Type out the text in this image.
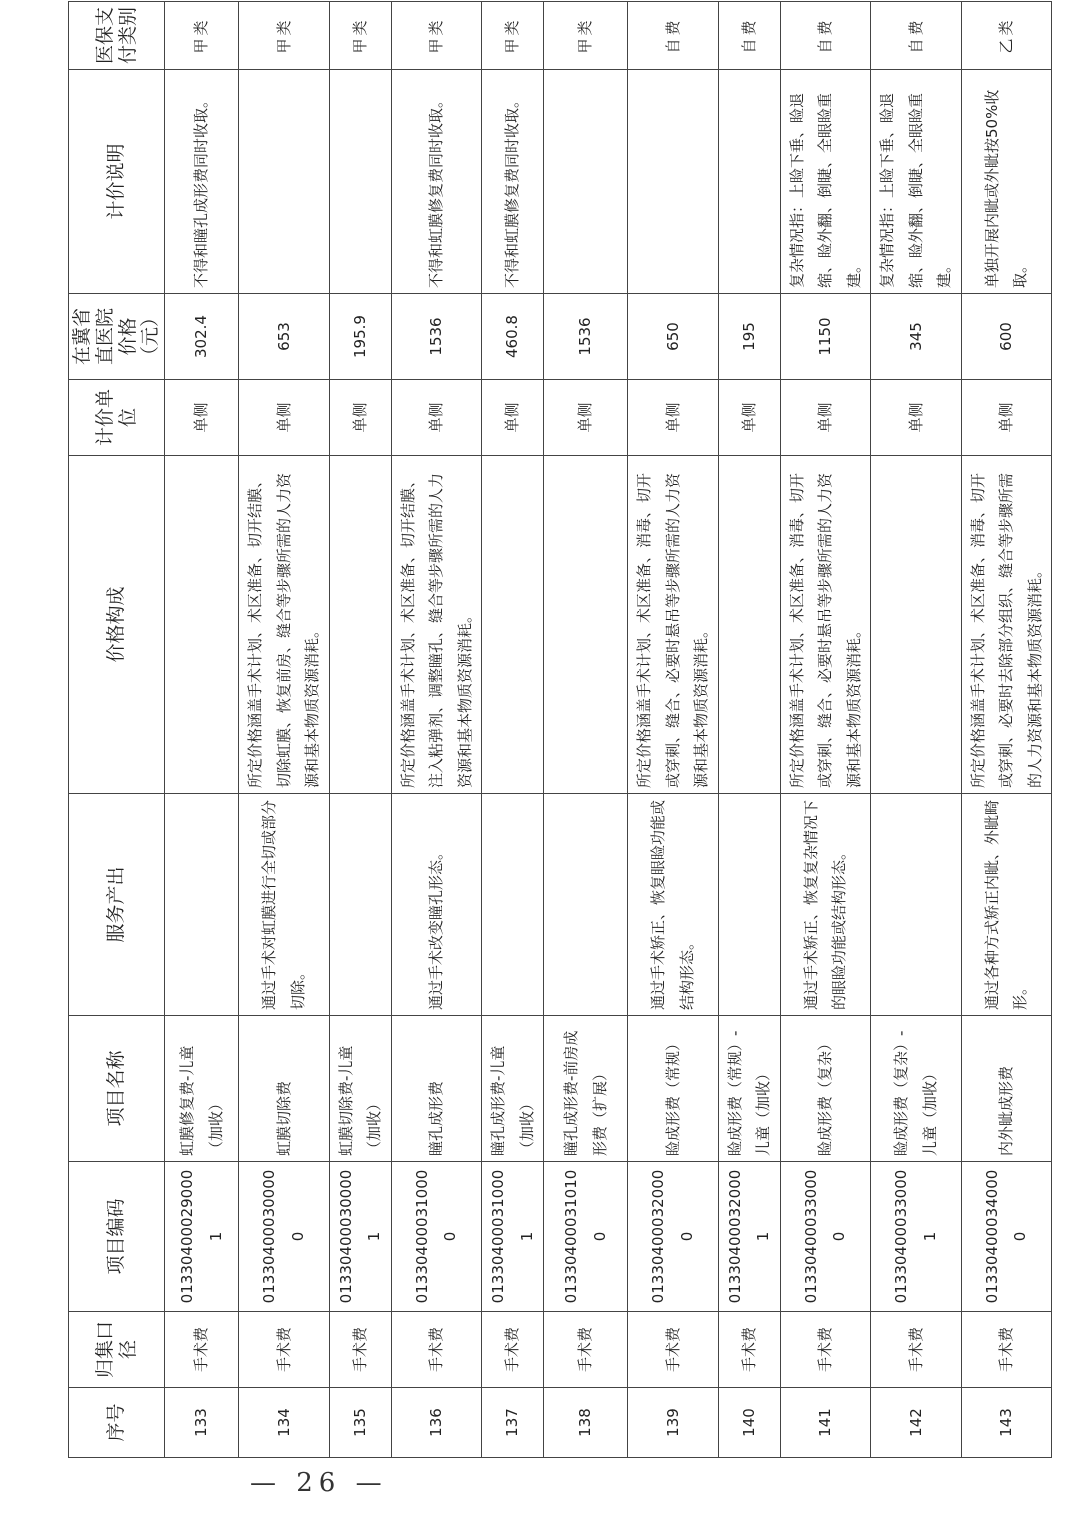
— 26 —
序号	归集口径	项目编码	项目名称	服务产出	价格构成	计价单位	在冀省直医院价格（元）	计价说明	医保支付类别
133	手术费	013304000290001	虹膜修复费-儿童（加收）			单侧	302.4	不得和瞳孔成形费同时收取。	甲类
134	手术费	013304000300000	虹膜切除费	通过手术对虹膜进行全切或部分切除。	所定价格涵盖手术计划、术区准备、切开结膜、切除虹膜、恢复前房、缝合等步骤所需的人力资源和基本物质资源消耗。	单侧	653		甲类
135	手术费	013304000300001	虹膜切除费-儿童（加收）			单侧	195.9		甲类
136	手术费	013304000310000	瞳孔成形费	通过手术改变瞳孔形态。	所定价格涵盖手术计划、术区准备、切开结膜、注入粘弹剂、调整瞳孔、缝合等步骤所需的人力资源和基本物质资源消耗。	单侧	1536	不得和虹膜修复费同时收取。	甲类
137	手术费	013304000310001	瞳孔成形费-儿童（加收）			单侧	460.8	不得和虹膜修复费同时收取。	甲类
138	手术费	013304000310100	瞳孔成形费-前房成形费（扩展）			单侧	1536		甲类
139	手术费	013304000320000	睑成形费（常规）	通过手术矫正、恢复眼睑功能或结构形态。	所定价格涵盖手术计划、术区准备、消毒、切开或穿刺、缝合、必要时悬吊等步骤所需的人力资源和基本物质资源消耗。	单侧	650		自费
140	手术费	013304000320001	睑成形费（常规）-儿童（加收）			单侧	195		自费
141	手术费	013304000330000	睑成形费（复杂）	通过手术矫正、恢复复杂情况下的眼睑功能或结构形态。	所定价格涵盖手术计划、术区准备、消毒、切开或穿刺、缝合、必要时悬吊等步骤所需的人力资源和基本物质资源消耗。	单侧	1150	复杂情况指：上睑下垂、睑退缩、睑外翻、倒睫、全眼睑重建。	自费
142	手术费	013304000330001	睑成形费（复杂）-儿童（加收）			单侧	345	复杂情况指：上睑下垂、睑退缩、睑外翻、倒睫、全眼睑重建。	自费
143	手术费	013304000340000	内外眦成形费	通过各种方式矫正内眦、外眦畸形。	所定价格涵盖手术计划、术区准备、消毒、切开或穿刺、必要时去除部分组织、缝合等步骤所需的人力资源和基本物质资源消耗。	单侧	600	单独开展内眦或外眦按50%收取。	乙类
